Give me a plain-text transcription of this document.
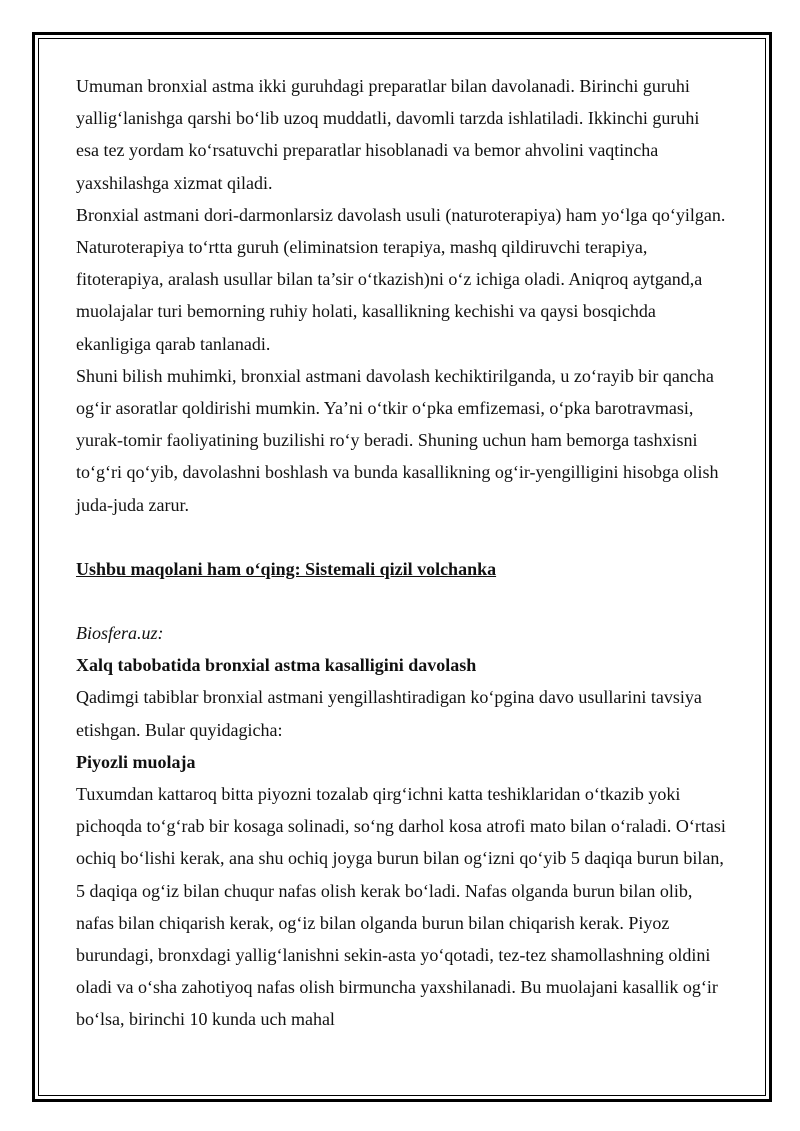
Umuman bronxial astma ikki guruhdagi preparatlar bilan davolanadi. Birinchi guruhi yallig‘lanishga qarshi bo‘lib uzoq muddatli, davomli tarzda ishlatiladi. Ikkinchi guruhi esa tez yordam ko‘rsatuvchi preparatlar hisoblanadi va bemor ahvolini vaqtincha yaxshilashga xizmat qiladi.

Bronxial astmani dori-darmonlarsiz davolash usuli (naturoterapiya) ham yo‘lga qo‘yilgan. Naturoterapiya to‘rtta guruh (eliminatsion terapiya, mashq qildiruvchi terapiya, fitoterapiya, aralash usullar bilan ta’sir o‘tkazish)ni o‘z ichiga oladi. Aniqroq aytgand,a muolajalar turi bemorning ruhiy holati, kasallikning kechishi va qaysi bosqichda ekanligiga qarab tanlanadi.

Shuni bilish muhimki, bronxial astmani davolash kechiktirilganda, u zo‘rayib bir qancha og‘ir asoratlar qoldirishi mumkin. Ya’ni o‘tkir o‘pka emfizemasi, o‘pka barotravmasi, yurak-tomir faoliyatining buzilishi ro‘y beradi. Shuning uchun ham bemorga tashxisni to‘g‘ri qo‘yib, davolashni boshlash va bunda kasallikning og‘ir-yengilligini hisobga olish juda-juda zarur.

Ushbu maqolani ham o‘qing: Sistemali qizil volchanka

Biosfera.uz:

Xalq tabobatida bronxial astma kasalligini davolash

Qadimgi tabiblar bronxial astmani yengillashtiradigan ko‘pgina davo usullarini tavsiya etishgan. Bular quyidagicha:

Piyozli muolaja

Tuxumdan kattaroq bitta piyozni tozalab qirg‘ichni katta teshiklaridan o‘tkazib yoki pichoqda to‘g‘rab bir kosaga solinadi, so‘ng darhol kosa atrofi mato bilan o‘raladi. O‘rtasi ochiq bo‘lishi kerak, ana shu ochiq joyga burun bilan og‘izni qo‘yib 5 daqiqa burun bilan, 5 daqiqa og‘iz bilan chuqur nafas olish kerak bo‘ladi. Nafas olganda burun bilan olib, nafas bilan chiqarish kerak, og‘iz bilan olganda burun bilan chiqarish kerak. Piyoz burundagi, bronxdagi yallig‘lanishni sekin-asta yo‘qotadi, tez-tez shamollashning oldini oladi va o‘sha zahotiyoq nafas olish birmuncha yaxshilanadi. Bu muolajani kasallik og‘ir bo‘lsa, birinchi 10 kunda uch mahal
